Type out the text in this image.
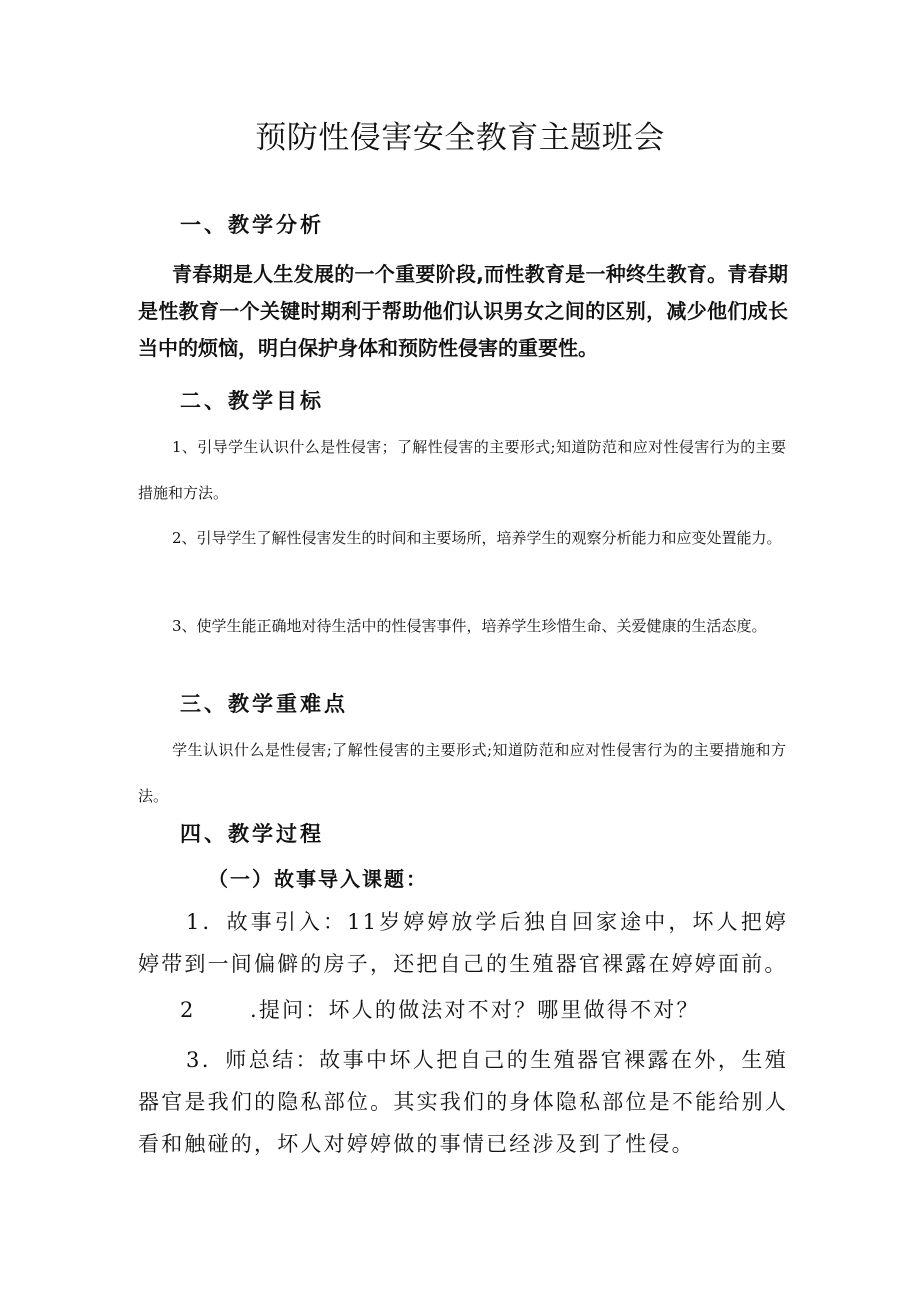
预防性侵害安全教育主题班会
一、教学分析
青春期是人生发展的一个重要阶段,而性教育是一种终生教育。青春期是性教育一个关键时期利于帮助他们认识男女之间的区别，减少他们成长当中的烦恼，明白保护身体和预防性侵害的重要性。
二、教学目标
1、引导学生认识什么是性侵害；了解性侵害的主要形式;知道防范和应对性侵害行为的主要措施和方法。
2、引导学生了解性侵害发生的时间和主要场所，培养学生的观察分析能力和应变处置能力。
3、使学生能正确地对待生活中的性侵害事件，培养学生珍惜生命、关爱健康的生活态度。
三、教学重难点
学生认识什么是性侵害;了解性侵害的主要形式;知道防范和应对性侵害行为的主要措施和方法。
四、教学过程
（一）故事导入课题：
1．故事引入：11岁婷婷放学后独自回家途中，坏人把婷婷带到一间偏僻的房子，还把自己的生殖器官裸露在婷婷面前。
2	.提问：坏人的做法对不对？哪里做得不对？
3．师总结：故事中坏人把自己的生殖器官裸露在外，生殖器官是我们的隐私部位。其实我们的身体隐私部位是不能给别人看和触碰的，坏人对婷婷做的事情已经涉及到了性侵。
